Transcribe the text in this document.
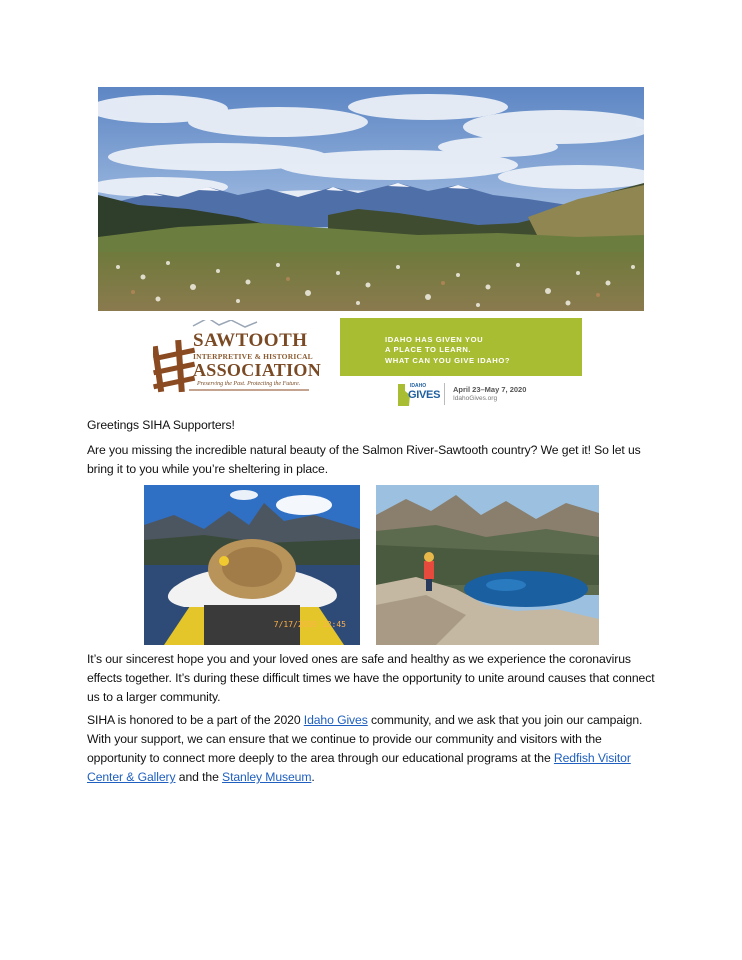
SAWTOOTH
INTERPRETIVE & HISTORICAL
ASSOCIATION
Preserving the Past. Protecting the Future.
IDAHO HAS GIVEN YOU
A PLACE TO LEARN.
WHAT CAN YOU GIVE IDAHO?
IDAHO
GIVES April 23–May 7, 2020
IdahoGives.org
Greetings SIHA Supporters!
Are you missing the incredible natural beauty of the Salmon River-Sawtooth country? We get it! So let us bring it to you while you’re sheltering in place.
7/17/2019 12:45
It’s our sincerest hope you and your loved ones are safe and healthy as we experience the coronavirus effects together. It’s during these difficult times we have the opportunity to unite around causes that connect us to a larger community.
SIHA is honored to be a part of the 2020 Idaho Gives community, and we ask that you join our campaign. With your support, we can ensure that we continue to provide our community and visitors with the opportunity to connect more deeply to the area through our educational programs at the Redfish Visitor Center & Gallery and the Stanley Museum.
